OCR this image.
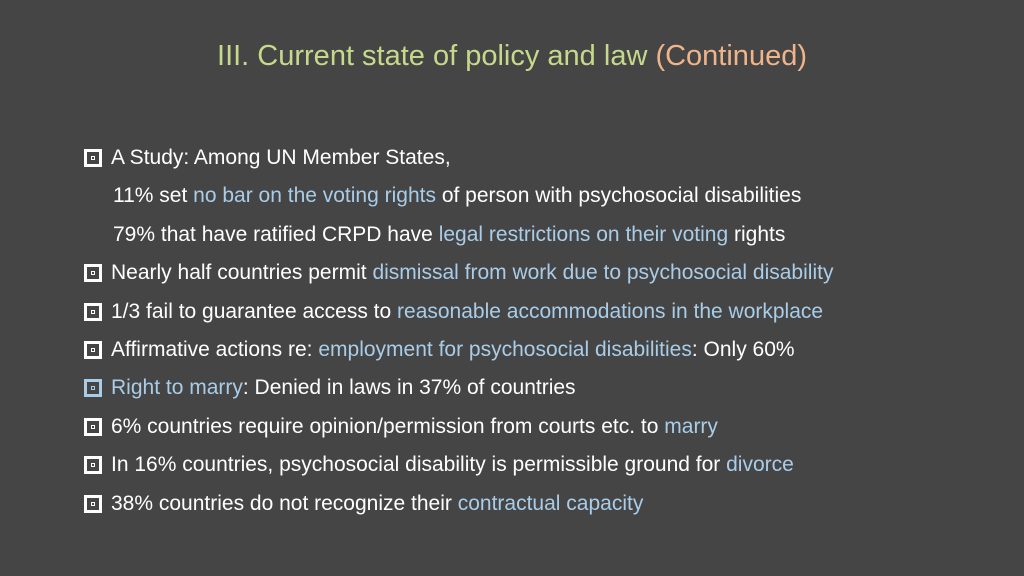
III. Current state of policy and law (Continued)
A Study: Among UN Member States,
11% set no bar on the voting rights of person with psychosocial disabilities
79% that have ratified CRPD have legal restrictions on their voting rights
Nearly half countries permit dismissal from work due to psychosocial disability
1/3 fail to guarantee access to reasonable accommodations in the workplace
Affirmative actions re: employment for psychosocial disabilities: Only 60%
Right to marry: Denied in laws in 37% of countries
6% countries require opinion/permission from courts etc. to marry
In 16% countries, psychosocial disability is permissible ground for divorce
38% countries do not recognize their contractual capacity
